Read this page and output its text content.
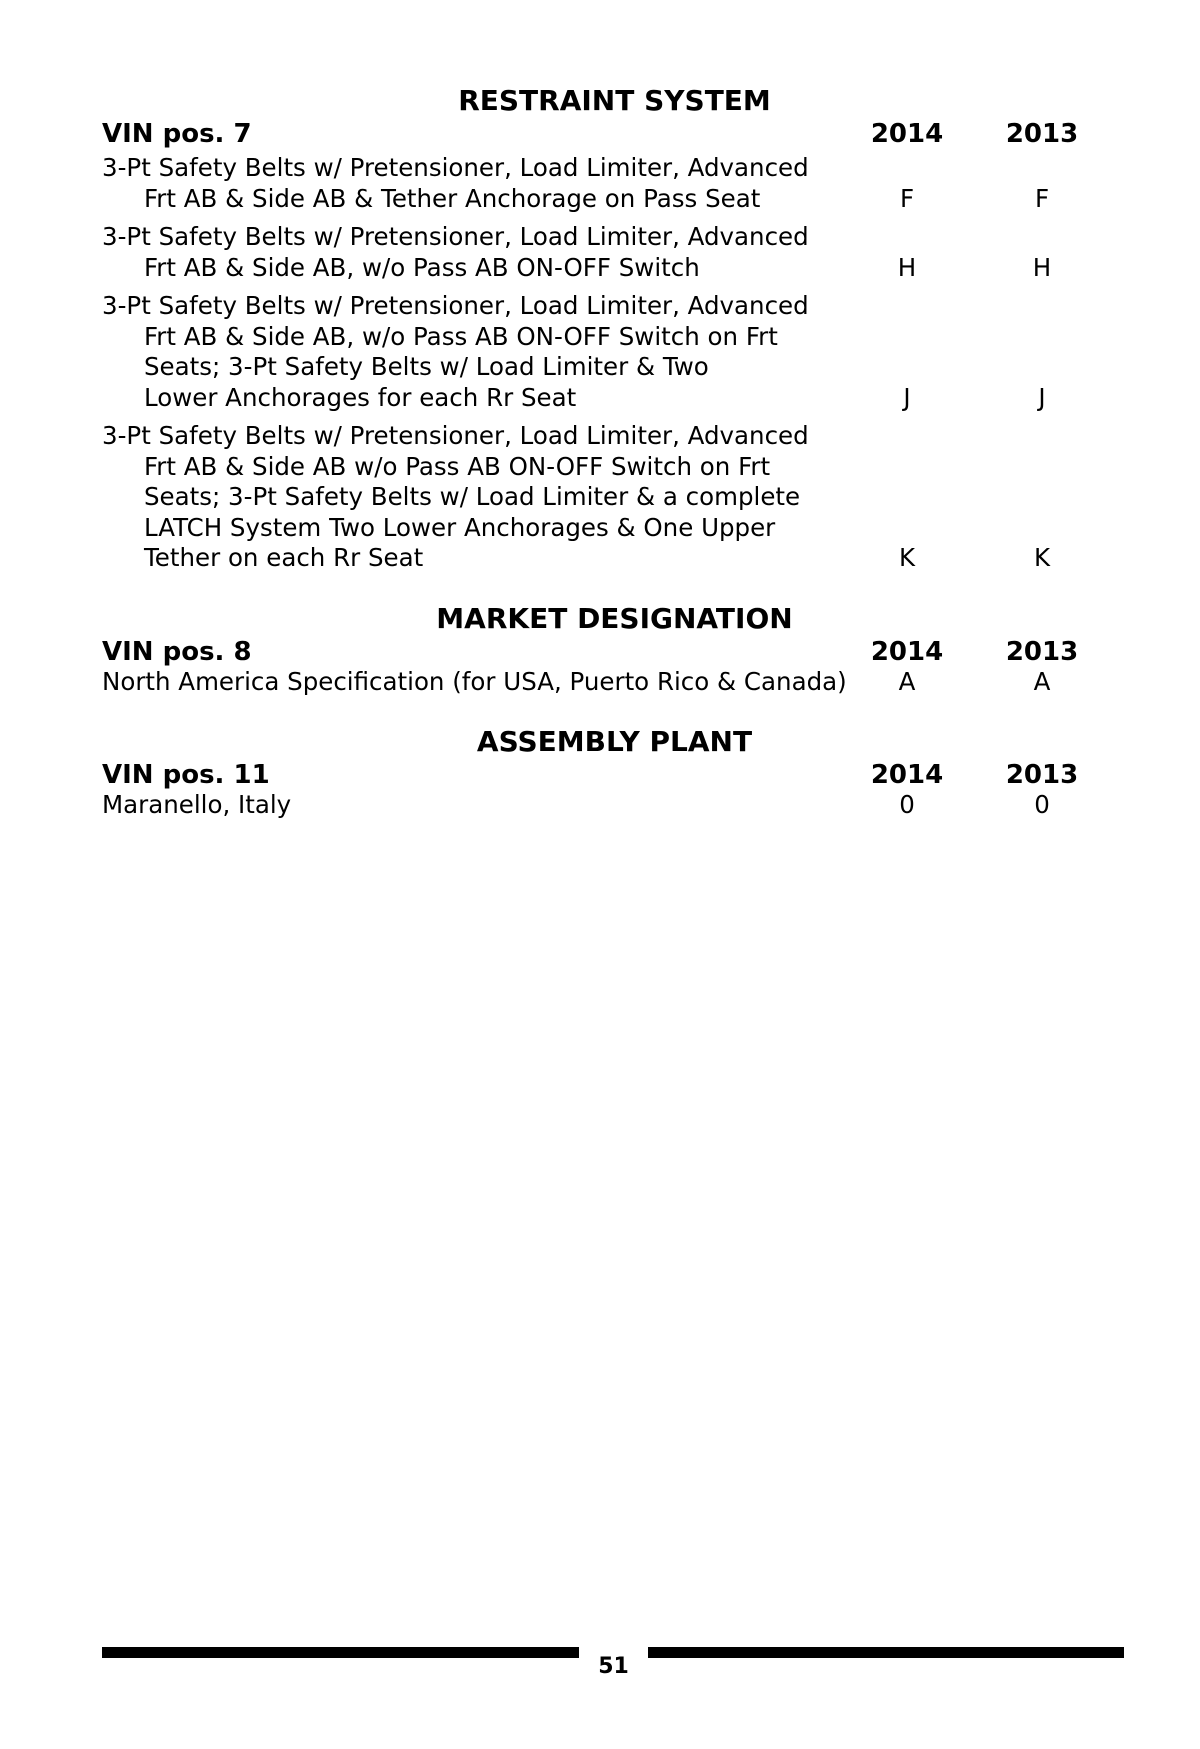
RESTRAINT SYSTEM
VIN pos. 7	2014 2013
3-Pt Safety Belts w/ Pretensioner, Load Limiter, Advanced
Frt AB & Side AB & Tether Anchorage on Pass Seat	F	F
3-Pt Safety Belts w/ Pretensioner, Load Limiter, Advanced
Frt AB & Side AB, w/o Pass AB ON-OFF Switch	H	H
3-Pt Safety Belts w/ Pretensioner, Load Limiter, Advanced
Frt AB & Side AB, w/o Pass AB ON-OFF Switch on Frt
Seats; 3-Pt Safety Belts w/ Load Limiter & Two
Lower Anchorages for each Rr Seat	J	J
3-Pt Safety Belts w/ Pretensioner, Load Limiter, Advanced
Frt AB & Side AB w/o Pass AB ON-OFF Switch on Frt
Seats; 3-Pt Safety Belts w/ Load Limiter & a complete
LATCH System Two Lower Anchorages & One Upper
Tether on each Rr Seat	K	K
MARKET DESIGNATION
VIN pos. 8	2014 2013
North America Specification (for USA, Puerto Rico & Canada)	A	A
ASSEMBLY PLANT
VIN pos. 11	2014 2013
Maranello, Italy	0	0
51
